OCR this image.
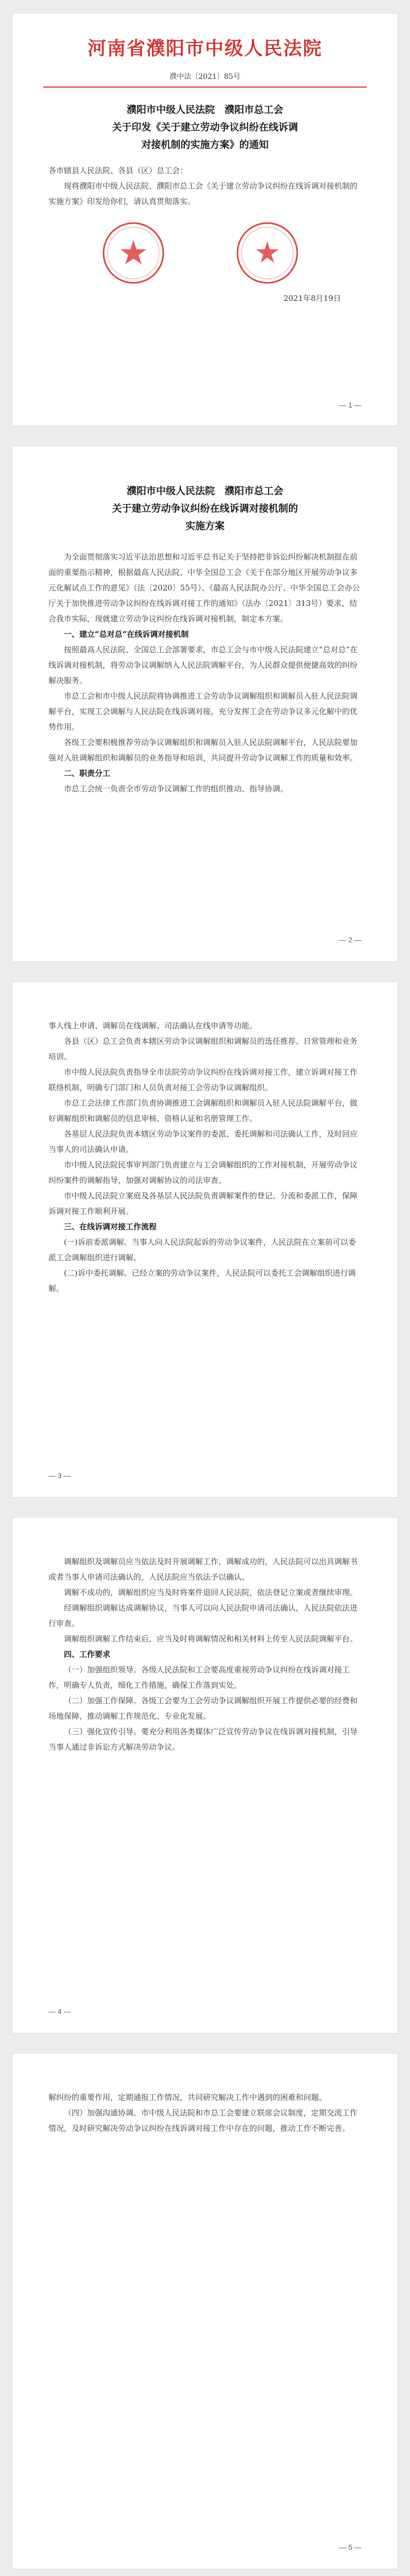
河南省濮阳市中级人民法院
濮中法〔2021〕85号
濮阳市中级人民法院　濮阳市总工会
关于印发《关于建立劳动争议纠纷在线诉调
对接机制的实施方案》的通知
各市辖县人民法院、各县（区）总工会：
现将濮阳市中级人民法院、濮阳市总工会《关于建立劳动争议纠纷在线诉调对接机制的实施方案》印发给你们，请认真贯彻落实。
2021年8月19日
— 1 —
濮阳市中级人民法院　濮阳市总工会
关于建立劳动争议纠纷在线诉调对接机制的
实施方案
为全面贯彻落实习近平法治思想和习近平总书记关于坚持把非诉讼纠纷解决机制挺在前面的重要指示精神，根据最高人民法院、中华全国总工会《关于在部分地区开展劳动争议多元化解试点工作的意见》（法〔2020〕55号）、《最高人民法院办公厅、中华全国总工会办公厅关于加快推进劳动争议纠纷在线诉调对接工作的通知》（法办〔2021〕313号）要求，结合我市实际，现就建立劳动争议纠纷在线诉调对接机制，制定本方案。
一、建立“总对总”在线诉调对接机制
按照最高人民法院、全国总工会部署要求，市总工会与市中级人民法院建立“总对总”在线诉调对接机制，将劳动争议调解纳入人民法院调解平台，为人民群众提供便捷高效的纠纷解决服务。
市总工会和市中级人民法院将协调推进工会劳动争议调解组织和调解员入驻人民法院调解平台，实现工会调解与人民法院在线诉调对接，充分发挥工会在劳动争议多元化解中的优势作用。
各级工会要积极推荐劳动争议调解组织和调解员入驻人民法院调解平台，人民法院要加强对入驻调解组织和调解员的业务指导和培训，共同提升劳动争议调解工作的质量和效率。
二、职责分工
市总工会统一负责全市劳动争议调解工作的组织推动、指导协调。
— 2 —
事人线上申请、调解员在线调解、司法确认在线申请等功能。
各县（区）总工会负责本辖区劳动争议调解组织和调解员的选任推荐、日常管理和业务培训。
市中级人民法院负责指导全市法院劳动争议纠纷在线诉调对接工作，建立诉调对接工作联络机制，明确专门部门和人员负责对接工会劳动争议调解组织。
市总工会法律工作部门负责协调推进工会调解组织和调解员入驻人民法院调解平台，做好调解组织和调解员的信息审核、资格认证和名册管理工作。
各基层人民法院负责本辖区劳动争议案件的委派、委托调解和司法确认工作，及时回应当事人的司法确认申请。
市中级人民法院民事审判部门负责建立与工会调解组织的工作对接机制，开展劳动争议纠纷案件的调解指导，加强对调解协议的司法审查。
市中级人民法院立案庭及各基层人民法院负责调解案件的登记、分流和委派工作，保障诉调对接工作顺利开展。
三、在线诉调对接工作流程
(一)诉前委派调解。当事人向人民法院起诉的劳动争议案件，人民法院在立案前可以委派工会调解组织进行调解。
(二)诉中委托调解。已经立案的劳动争议案件，人民法院可以委托工会调解组织进行调解。
— 3 —
调解组织及调解员应当依法及时开展调解工作，调解成功的，人民法院可以出具调解书或者当事人申请司法确认的，人民法院应当依法予以确认。
调解不成功的，调解组织应当及时将案件退回人民法院，依法登记立案或者继续审理。
经调解组织调解达成调解协议，当事人可以向人民法院申请司法确认，人民法院依法进行审查。
调解组织调解工作结束后，应当及时将调解情况和相关材料上传至人民法院调解平台。
四、工作要求
（一）加强组织领导。各级人民法院和工会要高度重视劳动争议纠纷在线诉调对接工作，明确专人负责，细化工作措施，确保工作落到实处。
（二）加强工作保障。各级工会要为工会劳动争议调解组织开展工作提供必要的经费和场地保障，推动调解工作规范化、专业化发展。
（三）强化宣传引导。要充分利用各类媒体广泛宣传劳动争议在线诉调对接机制，引导当事人通过非诉讼方式解决劳动争议。
— 4 —
解纠纷的重要作用，定期通报工作情况，共同研究解决工作中遇到的困难和问题。
（四）加强沟通协调。市中级人民法院和市总工会要建立联席会议制度，定期交流工作情况，及时研究解决劳动争议纠纷在线诉调对接工作中存在的问题，推动工作不断完善。
— 5 —
